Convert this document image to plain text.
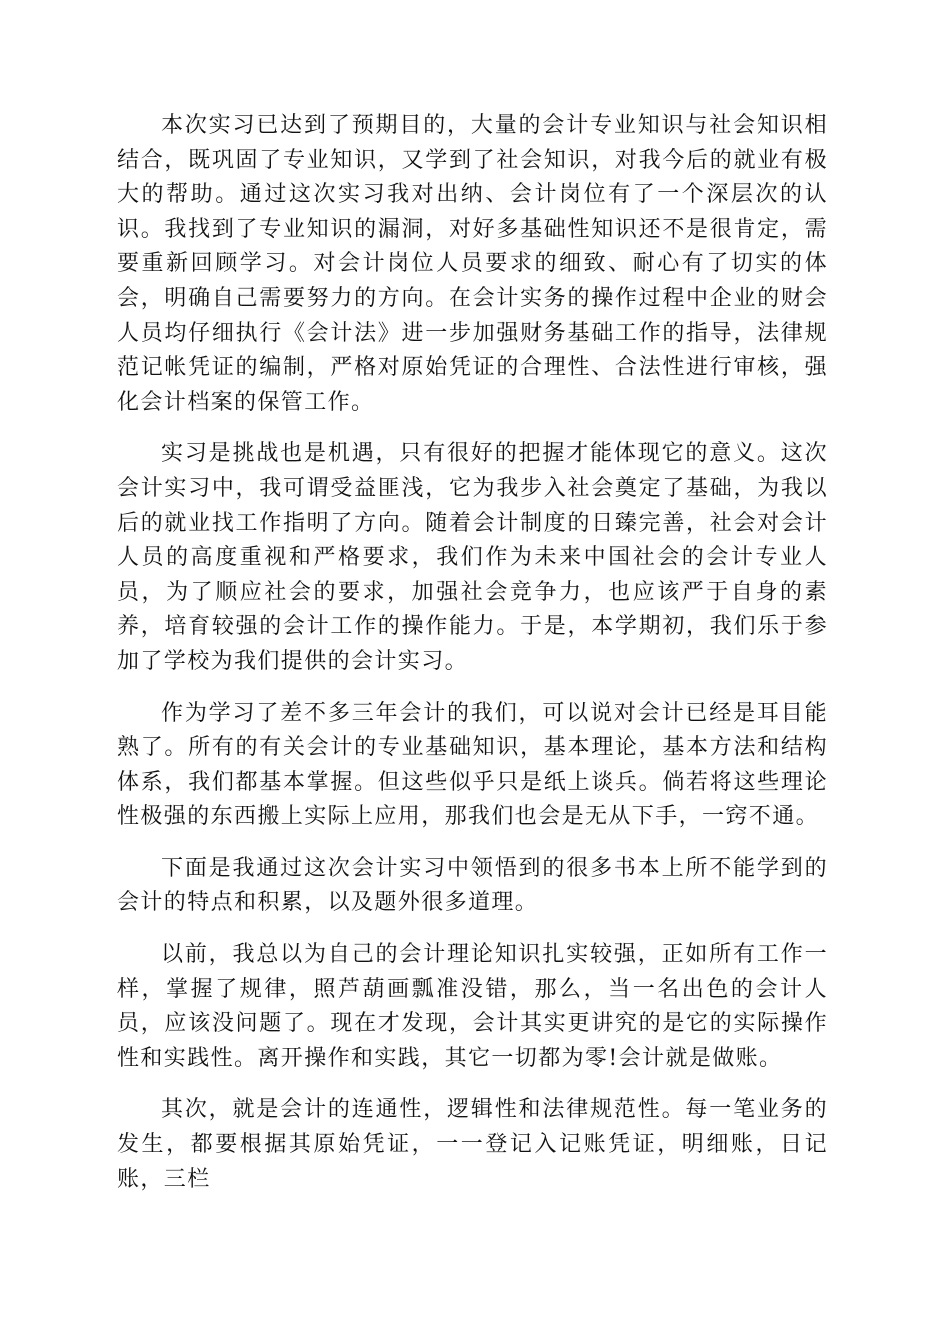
本次实习已达到了预期目的，大量的会计专业知识与社会知识相结合，既巩固了专业知识，又学到了社会知识，对我今后的就业有极大的帮助。通过这次实习我对出纳、会计岗位有了一个深层次的认识。我找到了专业知识的漏洞，对好多基础性知识还不是很肯定，需要重新回顾学习。对会计岗位人员要求的细致、耐心有了切实的体会，明确自己需要努力的方向。在会计实务的操作过程中企业的财会人员均仔细执行《会计法》进一步加强财务基础工作的指导，法律规范记帐凭证的编制，严格对原始凭证的合理性、合法性进行审核，强化会计档案的保管工作。

实习是挑战也是机遇，只有很好的把握才能体现它的意义。这次会计实习中，我可谓受益匪浅，它为我步入社会奠定了基础，为我以后的就业找工作指明了方向。随着会计制度的日臻完善，社会对会计人员的高度重视和严格要求，我们作为未来中国社会的会计专业人员，为了顺应社会的要求，加强社会竞争力，也应该严于自身的素养，培育较强的会计工作的操作能力。于是，本学期初，我们乐于参加了学校为我们提供的会计实习。

作为学习了差不多三年会计的我们，可以说对会计已经是耳目能熟了。所有的有关会计的专业基础知识，基本理论，基本方法和结构体系，我们都基本掌握。但这些似乎只是纸上谈兵。倘若将这些理论性极强的东西搬上实际上应用，那我们也会是无从下手，一窍不通。

下面是我通过这次会计实习中领悟到的很多书本上所不能学到的会计的特点和积累，以及题外很多道理。

以前，我总以为自己的会计理论知识扎实较强，正如所有工作一样，掌握了规律，照芦葫画瓢准没错，那么，当一名出色的会计人员，应该没问题了。现在才发现，会计其实更讲究的是它的实际操作性和实践性。离开操作和实践，其它一切都为零!会计就是做账。

其次，就是会计的连通性，逻辑性和法律规范性。每一笔业务的发生，都要根据其原始凭证，一一登记入记账凭证，明细账，日记账，三栏
